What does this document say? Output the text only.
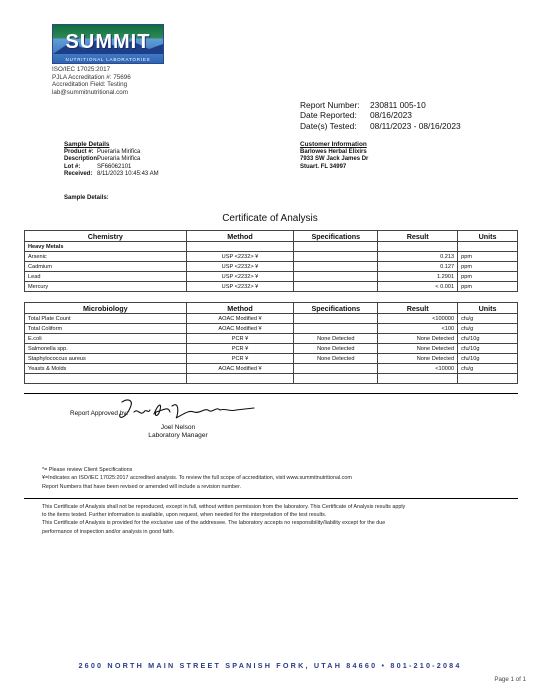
SUMMIT
NUTRITIONAL LABORATORIES
ISO/IEC 17025:2017
PJLA Accreditation #: 75696
Accreditation Field: Testing
lab@summitnutritional.com
Report Number: 230811 005-10
Date Reported: 08/16/2023
Date(s) Tested: 08/11/2023 - 08/16/2023
Sample Details
Product #: Pueraria Mirifica
Description:Pueraria Mirifica
Lot #:	SF66062101
Received: 8/11/2023 10:45:43 AM
Customer Information
Barlowes Herbal Elixirs
7933 SW Jack James Dr
Stuart. FL 34997
Sample Details:
Certificate of Analysis
Chemistry	Method	Specifications	Result	Units
Heavy Metals				
Arsenic	USP <2232> ¥		0.213	ppm
Cadmium	USP <2232> ¥		0.127	ppm
Lead	USP <2232> ¥		1.2901	ppm
Mercury	USP <2232> ¥		< 0.001	ppm
Microbiology	Method	Specifications	Result	Units
Total Plate Count	AOAC Modified ¥		<100000	cfu/g
Total Coliform	AOAC Modified ¥		<100	cfu/g
E.coli	PCR ¥	None Detected	None Detected	cfu/10g
Salmonella spp.	PCR ¥	None Detected	None Detected	cfu/10g
Staphylococcus aureus	PCR ¥	None Detected	None Detected	cfu/10g
Yeasts & Molds	AOAC Modified ¥		<10000	cfu/g

Report Approved by:
Joel Nelson
Laboratory Manager
*= Please review Client Specifications
¥=Indicates an ISO/IEC 17025:2017 accredited analysis. To review the full scope of accreditation, visit www.summitnutritional.com
Report Numbers that have been revised or amended will include a revision number.
This Certificate of Analysis shall not be reproduced, except in full, without written permission from the laboratory. This Certificate of Analysis results apply
to the items tested. Further information is available, upon request, when needed for the interpretation of the test results.
This Certificate of Analysis is provided for the exclusive use of the addressee. The laboratory accepts no responsibility/liability except for the due
performance of inspection and/or analysis in good faith.
2600 NORTH MAIN STREET SPANISH FORK, UTAH 84660 • 801-210-2084
Page 1 of 1
